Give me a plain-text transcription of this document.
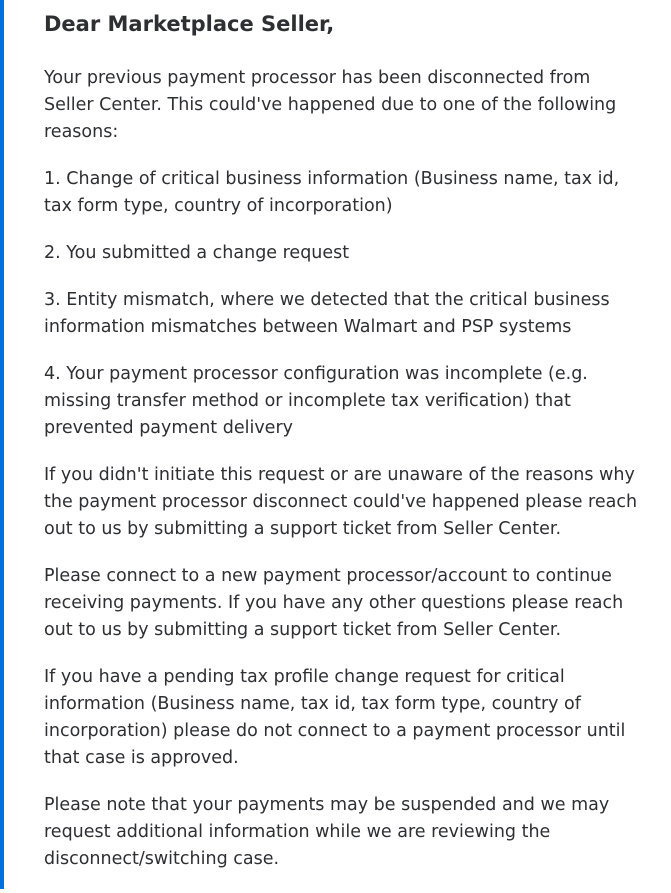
Dear Marketplace Seller,

Your previous payment processor has been disconnected from Seller Center. This could've happened due to one of the following reasons:

1. Change of critical business information (Business name, tax id, tax form type, country of incorporation)

2. You submitted a change request

3. Entity mismatch, where we detected that the critical business information mismatches between Walmart and PSP systems

4. Your payment processor configuration was incomplete (e.g. missing transfer method or incomplete tax verification) that prevented payment delivery

If you didn't initiate this request or are unaware of the reasons why the payment processor disconnect could've happened please reach out to us by submitting a support ticket from Seller Center.

Please connect to a new payment processor/account to continue receiving payments. If you have any other questions please reach out to us by submitting a support ticket from Seller Center.

If you have a pending tax profile change request for critical information (Business name, tax id, tax form type, country of incorporation) please do not connect to a payment processor until that case is approved.

Please note that your payments may be suspended and we may request additional information while we are reviewing the disconnect/switching case.
